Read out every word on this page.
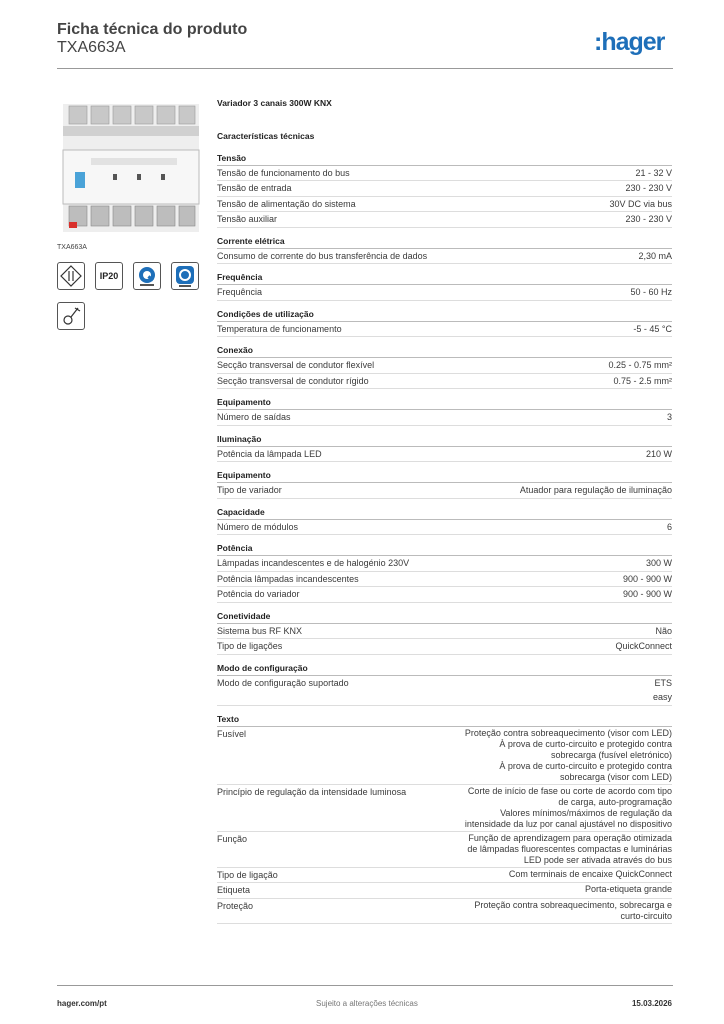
Ficha técnica do produto
TXA663A	:hager
TXA663A
IP20
Variador 3 canais 300W KNX
Características técnicas
Tensão
Tensão de funcionamento do bus	21 - 32 V
Tensão de entrada	230 - 230 V
Tensão de alimentação do sistema	30V DC via bus
Tensão auxiliar	230 - 230 V
Corrente elétrica
Consumo de corrente do bus transferência de dados	2,30 mA
Frequência
Frequência	50 - 60 Hz
Condições de utilização
Temperatura de funcionamento	-5 - 45 °C
Conexão
Secção transversal de condutor flexível	0.25 - 0.75 mm²
Secção transversal de condutor rígido	0.75 - 2.5 mm²
Equipamento
Número de saídas	3
Iluminação
Potência da lâmpada LED	210 W
Equipamento
Tipo de variador	Atuador para regulação de iluminação
Capacidade
Número de módulos	6
Potência
Lâmpadas incandescentes e de halogénio 230V	300 W
Potência lâmpadas incandescentes	900 - 900 W
Potência do variador	900 - 900 W
Conetividade
Sistema bus RF KNX	Não
Tipo de ligações	QuickConnect
Modo de configuração
Modo de configuração suportado	ETS
easy
Texto
Fusível	Proteção contra sobreaquecimento (visor com LED)
À prova de curto-circuito e protegido contra
sobrecarga (fusível eletrónico)
À prova de curto-circuito e protegido contra
sobrecarga (visor com LED)
Princípio de regulação da intensidade luminosa	Corte de início de fase ou corte de acordo com tipo
de carga, auto-programação
Valores mínimos/máximos de regulação da
intensidade da luz por canal ajustável no dispositivo
Função	Função de aprendizagem para operação otimizada
de lâmpadas fluorescentes compactas e luminárias
LED pode ser ativada através do bus
Tipo de ligação	Com terminais de encaixe QuickConnect
Etiqueta	Porta-etiqueta grande
Proteção	Proteção contra sobreaquecimento, sobrecarga e
curto-circuito
hager.com/pt	Sujeito a alterações técnicas	15.03.2026
